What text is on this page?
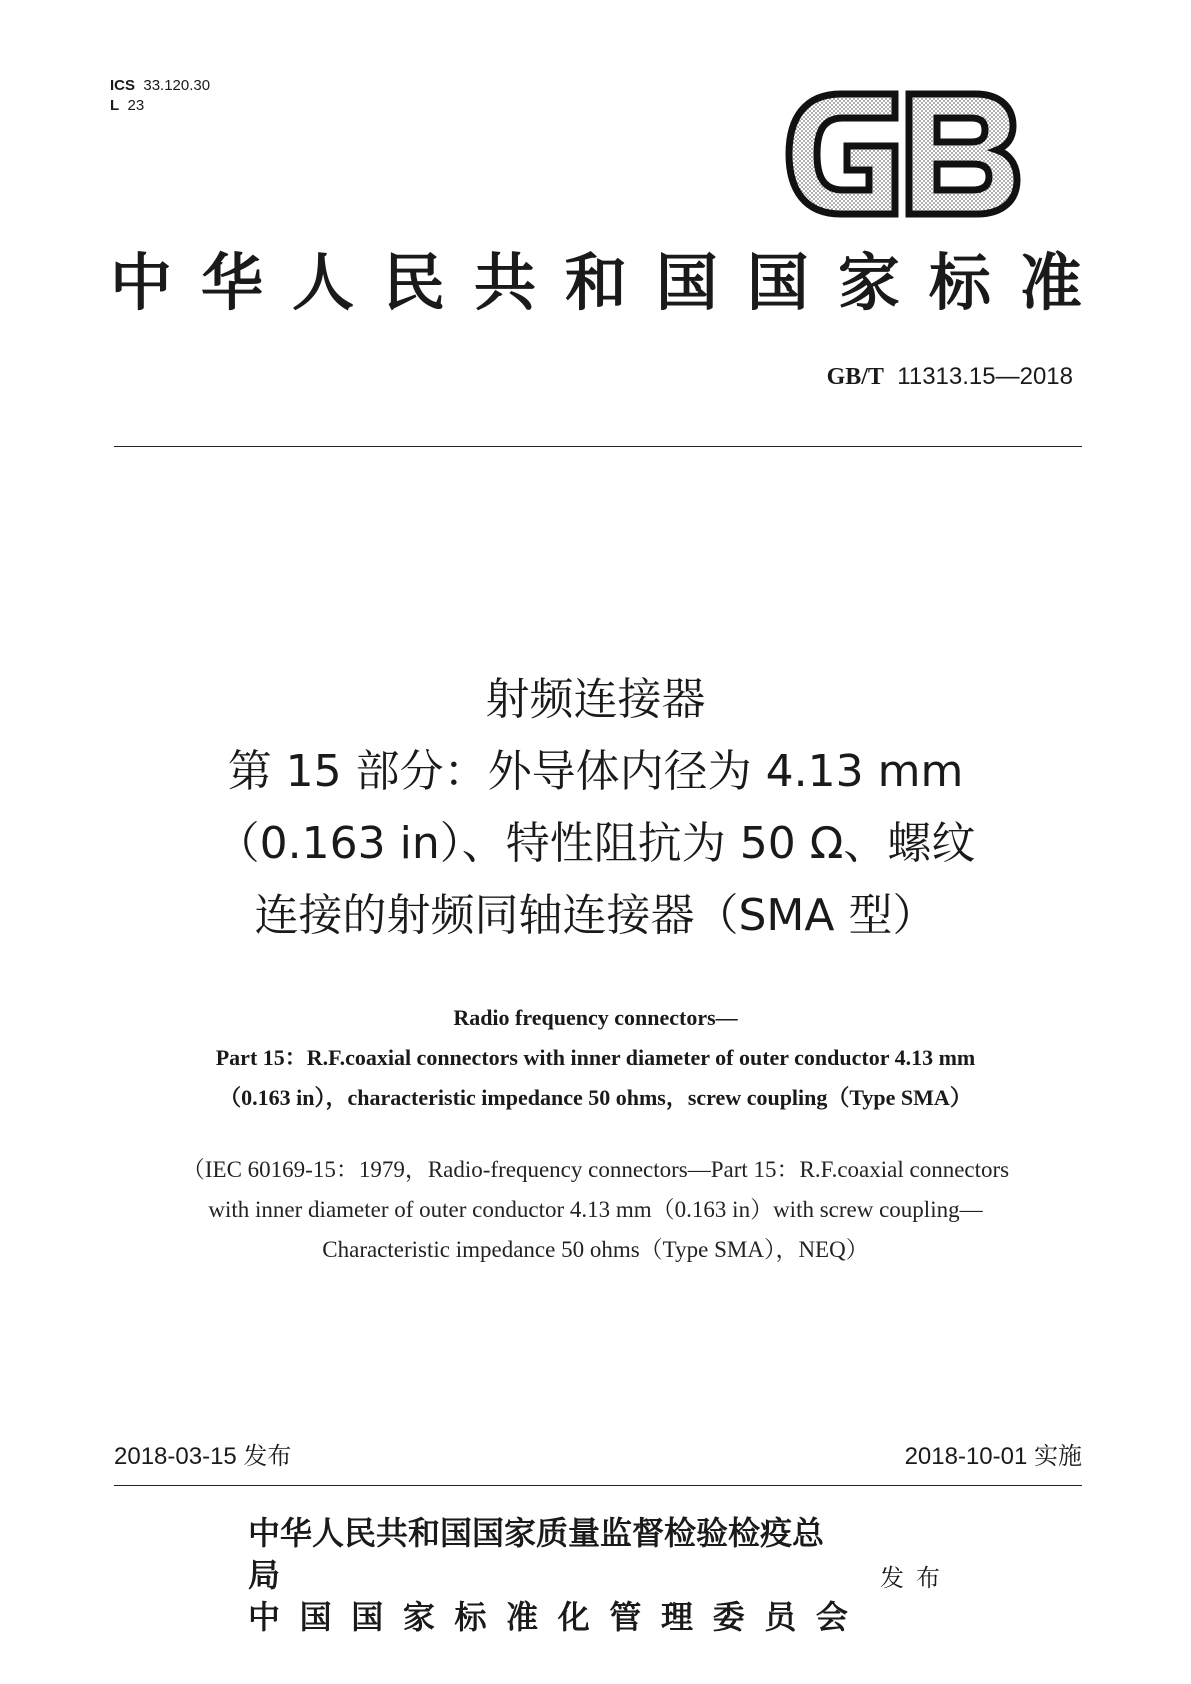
ICS 33.120.30
L 23
中 华 人 民 共 和 国 国 家 标 准
GB/T 11313.15—2018
射频连接器
第 15 部分：外导体内径为 4.13 mm
（0.163 in）、特性阻抗为 50 Ω、螺纹
连接的射频同轴连接器（SMA 型）
Radio frequency connectors—
Part 15：R.F.coaxial connectors with inner diameter of outer conductor 4.13 mm
（0.163 in），characteristic impedance 50 ohms，screw coupling（Type SMA）
（IEC 60169-15：1979，Radio-frequency connectors—Part 15：R.F.coaxial connectors
with inner diameter of outer conductor 4.13 mm（0.163 in）with screw coupling—
Characteristic impedance 50 ohms（Type SMA），NEQ）
2018-03-15 发布	2018-10-01 实施
中华人民共和国国家质量监督检验检疫总局
中 国 国 家 标 准 化 管 理 委 员 会
发布
